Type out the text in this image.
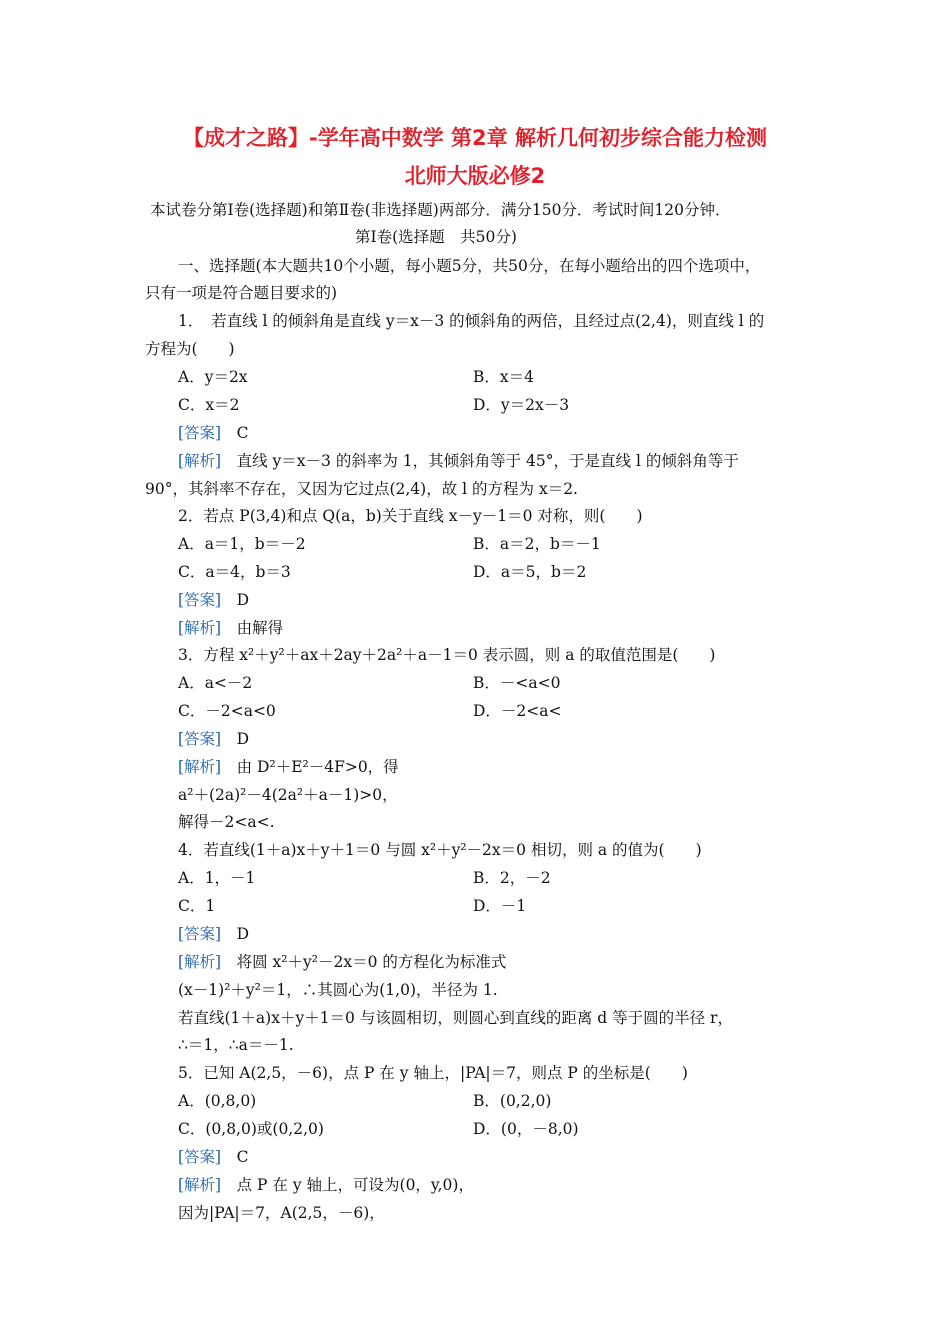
【成才之路】-学年高中数学 第2章 解析几何初步综合能力检测
北师大版必修2
本试卷分第Ⅰ卷(选择题)和第Ⅱ卷(非选择题)两部分．满分150分．考试时间120分钟．
第Ⅰ卷(选择题　共50分)
一、选择题(本大题共10个小题，每小题5分，共50分，在每小题给出的四个选项中，
只有一项是符合题目要求的)
1．　若直线 l 的倾斜角是直线 y＝x－3 的倾斜角的两倍，且经过点(2,4)，则直线 l 的
方程为(　　)
A．y＝2x	B．x＝4
C．x＝2	D．y＝2x－3
[答案]　 C
[解析]　 直线 y＝x－3 的斜率为 1，其倾斜角等于 45°，于是直线 l 的倾斜角等于
90°，其斜率不存在，又因为它过点(2,4)，故 l 的方程为 x＝2.
2．若点 P(3,4)和点 Q(a，b)关于直线 x－y－1＝0 对称，则(　　)
A．a＝1，b＝－2	B．a＝2，b＝－1
C．a＝4，b＝3	D．a＝5，b＝2
[答案]　 D
[解析]　 由解得
3．方程 x²＋y²＋ax＋2ay＋2a²＋a－1＝0 表示圆，则 a 的取值范围是(　　)
A．a<－2	B．－<a<0
C．－2<a<0	D．－2<a<
[答案]　 D
[解析]　 由 D²＋E²－4F>0，得
a²＋(2a)²－4(2a²＋a－1)>0，
解得－2<a<.
4．若直线(1＋a)x＋y＋1＝0 与圆 x²＋y²－2x＝0 相切，则 a 的值为(　　)
A．1，－1	B．2，－2
C．1	D．－1
[答案]　 D
[解析]　 将圆 x²＋y²－2x＝0 的方程化为标准式
(x－1)²＋y²＝1，∴其圆心为(1,0)，半径为 1.
若直线(1＋a)x＋y＋1＝0 与该圆相切，则圆心到直线的距离 d 等于圆的半径 r，
∴＝1，∴a＝－1.
5．已知 A(2,5，－6)，点 P 在 y 轴上，|PA|＝7，则点 P 的坐标是(　　)
A．(0,8,0)	B．(0,2,0)
C．(0,8,0)或(0,2,0)	D．(0，－8,0)
[答案]　 C
[解析]　 点 P 在 y 轴上，可设为(0，y,0)，
因为|PA|＝7，A(2,5，－6)，
